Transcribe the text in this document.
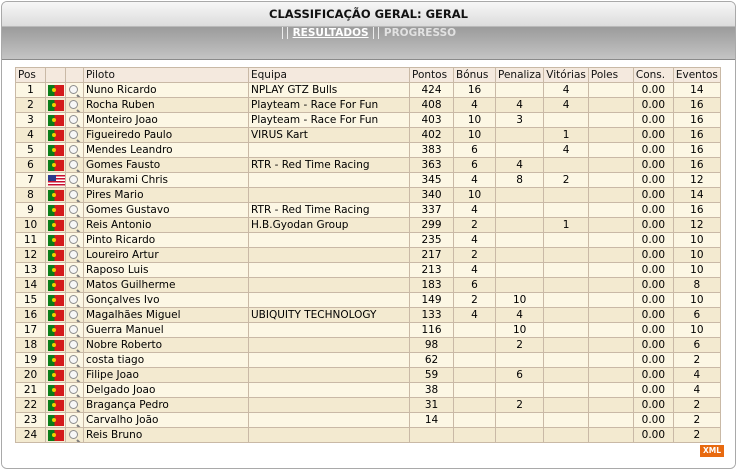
CLASSIFICAÇÃO GERAL: GERAL
RESULTADOS PROGRESSO
Pos			Piloto	Equipa	Pontos	Bónus	Penaliza	Vitórias	Poles	Cons.	Eventos
1			Nuno Ricardo	NPLAY GTZ Bulls	424	16		4		0.00	14
2			Rocha Ruben	Playteam - Race For Fun	408	4	4	4		0.00	16
3			Monteiro Joao	Playteam - Race For Fun	403	10	3			0.00	16
4			Figueiredo Paulo	VIRUS Kart	402	10		1		0.00	16
5			Mendes Leandro		383	6		4		0.00	16
6			Gomes Fausto	RTR - Red Time Racing	363	6	4			0.00	16
7			Murakami Chris		345	4	8	2		0.00	12
8			Pires Mario		340	10				0.00	14
9			Gomes Gustavo	RTR - Red Time Racing	337	4				0.00	16
10			Reis Antonio	H.B.Gyodan Group	299	2		1		0.00	12
11			Pinto Ricardo		235	4				0.00	10
12			Loureiro Artur		217	2				0.00	10
13			Raposo Luis		213	4				0.00	10
14			Matos Guilherme		183	6				0.00	8
15			Gonçalves Ivo		149	2	10			0.00	10
16			Magalhães Miguel	UBIQUITY TECHNOLOGY	133	4	4			0.00	6
17			Guerra Manuel		116		10			0.00	10
18			Nobre Roberto		98		2			0.00	6
19			costa tiago		62					0.00	2
20			Filipe Joao		59		6			0.00	4
21			Delgado Joao		38					0.00	4
22			Bragança Pedro		31		2			0.00	2
23			Carvalho João		14					0.00	2
24			Reis Bruno							0.00	2
XML
